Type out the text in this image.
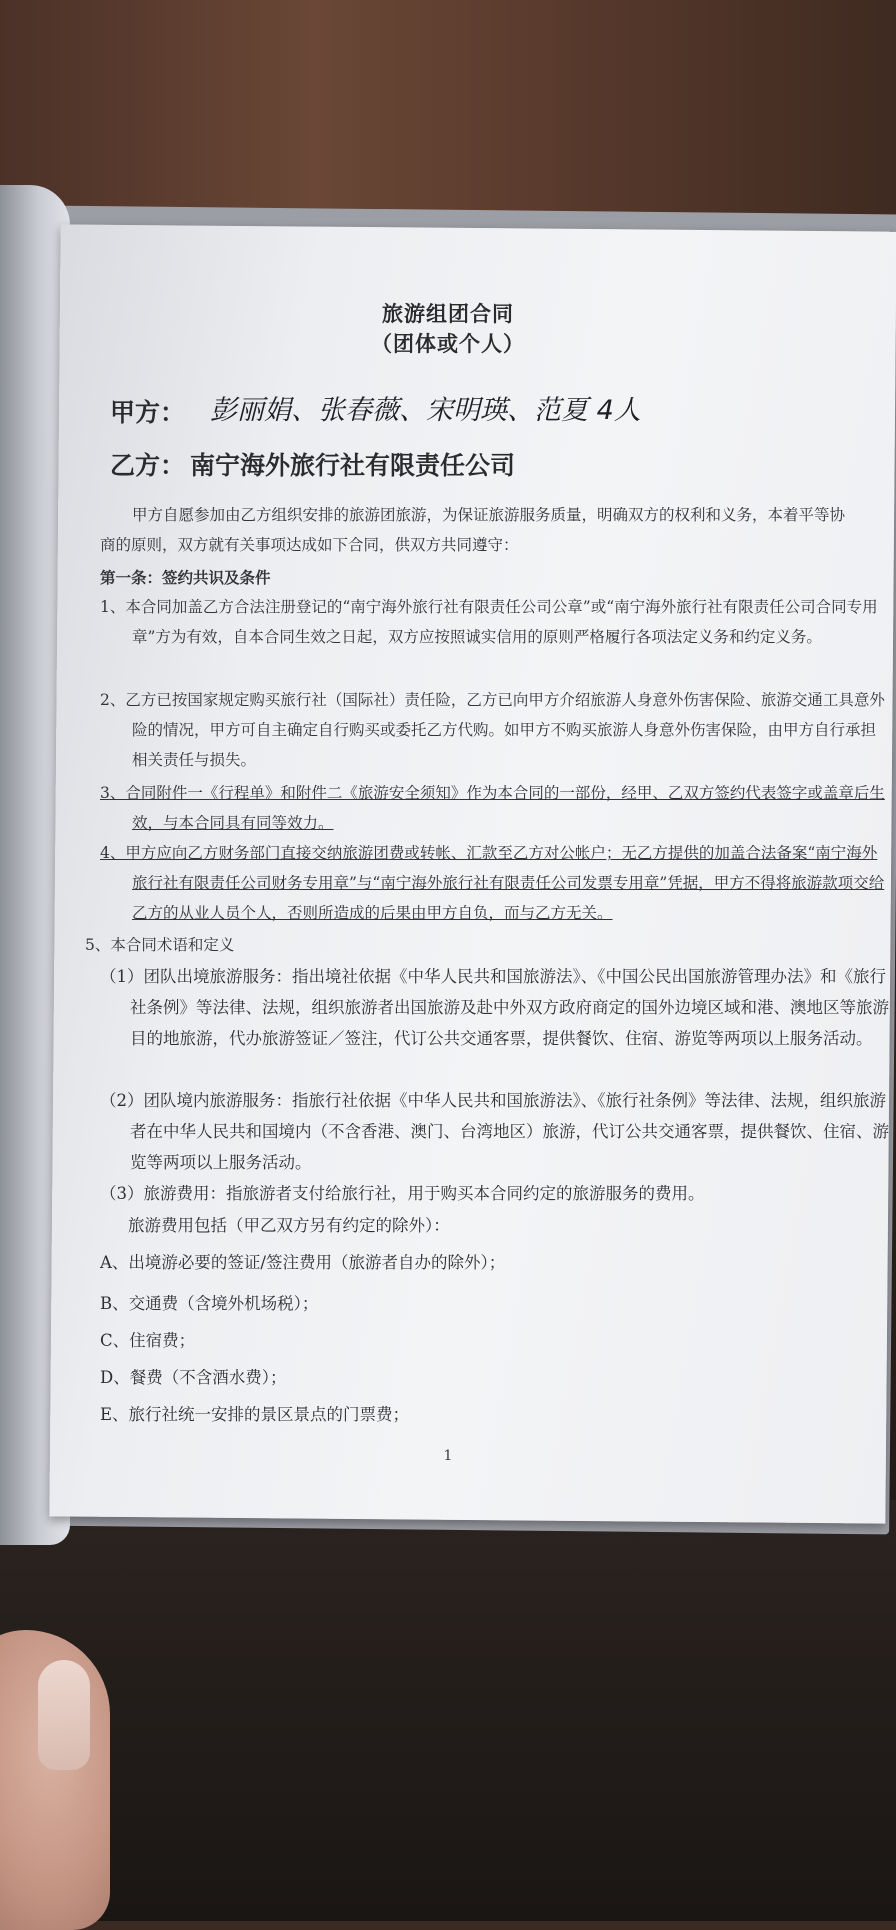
旅游组团合同
（团体或个人）
甲方： 彭丽娟、张春薇、宋明瑛、范夏 4人
乙方： 南宁海外旅行社有限责任公司

甲方自愿参加由乙方组织安排的旅游团旅游，为保证旅游服务质量，明确双方的权利和义务，本着平等协商的原则，双方就有关事项达成如下合同，供双方共同遵守：

第一条：签约共识及条件

1、本合同加盖乙方合法注册登记的“南宁海外旅行社有限责任公司公章”或“南宁海外旅行社有限责任公司合同专用章”方为有效，自本合同生效之日起，双方应按照诚实信用的原则严格履行各项法定义务和约定义务。

2、乙方已按国家规定购买旅行社（国际社）责任险，乙方已向甲方介绍旅游人身意外伤害保险、旅游交通工具意外险的情况，甲方可自主确定自行购买或委托乙方代购。如甲方不购买旅游人身意外伤害保险，由甲方自行承担相关责任与损失。

3、合同附件一《行程单》和附件二《旅游安全须知》作为本合同的一部份，经甲、乙双方签约代表签字或盖章后生效，与本合同具有同等效力。

4、甲方应向乙方财务部门直接交纳旅游团费或转帐、汇款至乙方对公帐户；无乙方提供的加盖合法备案“南宁海外旅行社有限责任公司财务专用章”与“南宁海外旅行社有限责任公司发票专用章”凭据，甲方不得将旅游款项交给乙方的从业人员个人，否则所造成的后果由甲方自负，而与乙方无关。

5、本合同术语和定义

（1）团队出境旅游服务：指出境社依据《中华人民共和国旅游法》、《中国公民出国旅游管理办法》和《旅行社条例》等法律、法规，组织旅游者出国旅游及赴中外双方政府商定的国外边境区域和港、澳地区等旅游目的地旅游，代办旅游签证／签注，代订公共交通客票，提供餐饮、住宿、游览等两项以上服务活动。

（2）团队境内旅游服务：指旅行社依据《中华人民共和国旅游法》、《旅行社条例》等法律、法规，组织旅游者在中华人民共和国境内（不含香港、澳门、台湾地区）旅游，代订公共交通客票，提供餐饮、住宿、游览等两项以上服务活动。

（3）旅游费用：指旅游者支付给旅行社，用于购买本合同约定的旅游服务的费用。

旅游费用包括（甲乙双方另有约定的除外）：

A、出境游必要的签证/签注费用（旅游者自办的除外）；

B、交通费（含境外机场税）；

C、住宿费；

D、餐费（不含酒水费）；

E、旅行社统一安排的景区景点的门票费；

1
